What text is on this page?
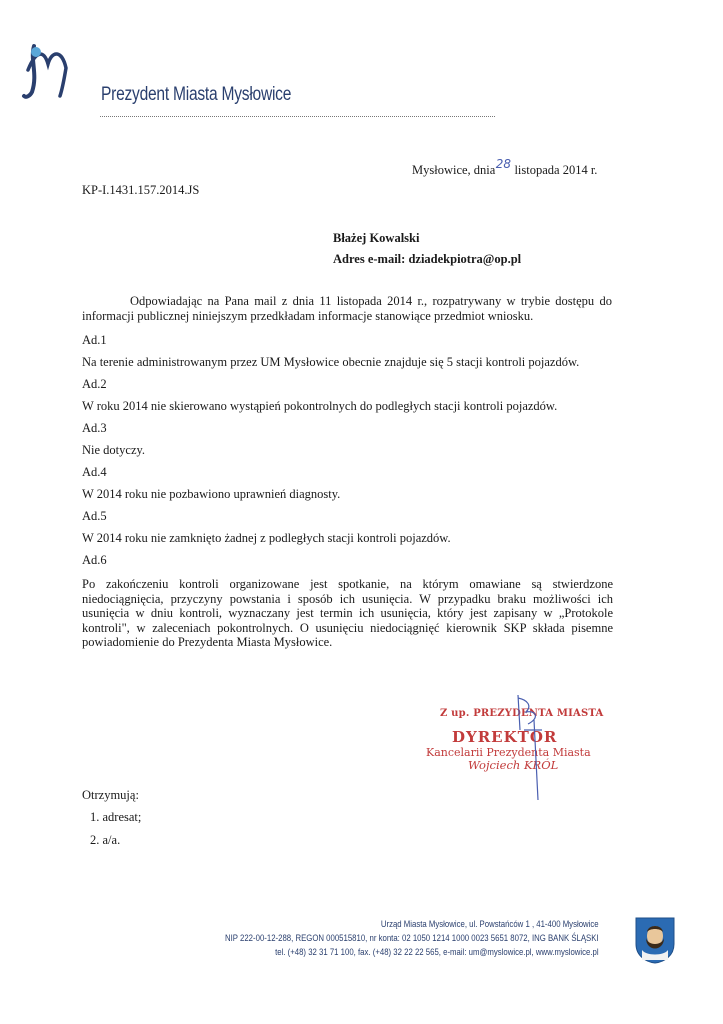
Prezydent Miasta Mysłowice
Mysłowice, dnia28 listopada 2014 r.
KP-I.1431.157.2014.JS
Błażej Kowalski
Adres e-mail: dziadekpiotra@op.pl
Odpowiadając na Pana mail z dnia 11 listopada 2014 r., rozpatrywany w trybie dostępu do informacji publicznej niniejszym przedkładam informacje stanowiące przedmiot wniosku.
Ad.1
Na terenie administrowanym przez UM Mysłowice obecnie znajduje się 5 stacji kontroli pojazdów.
Ad.2
W roku 2014 nie skierowano wystąpień pokontrolnych do podległych stacji kontroli pojazdów.
Ad.3
Nie dotyczy.
Ad.4
W 2014 roku nie pozbawiono uprawnień diagnosty.
Ad.5
W 2014 roku nie zamknięto żadnej z podległych stacji kontroli pojazdów.
Ad.6
Po zakończeniu kontroli organizowane jest spotkanie, na którym omawiane są stwierdzone niedociągnięcia, przyczyny powstania i sposób ich usunięcia. W przypadku braku możliwości ich usunięcia w dniu kontroli, wyznaczany jest termin ich usunięcia, który jest zapisany w „Protokole kontroli", w zaleceniach pokontrolnych. O usunięciu niedociągnięć kierownik SKP składa pisemne powiadomienie do Prezydenta Miasta Mysłowice.
Z up. PREZYDENTA MIASTA
DYREKTOR
Kancelarii Prezydenta Miasta
Wojciech KRÓL
Otrzymują:
1. adresat;
2. a/a.
Urząd Miasta Mysłowice, ul. Powstańców 1 , 41-400 Mysłowice
NIP 222-00-12-288, REGON 000515810, nr konta: 02 1050 1214 1000 0023 5651 8072, ING BANK ŚLĄSKI
tel. (+48) 32 31 71 100, fax. (+48) 32 22 22 565, e-mail: um@myslowice.pl, www.myslowice.pl
